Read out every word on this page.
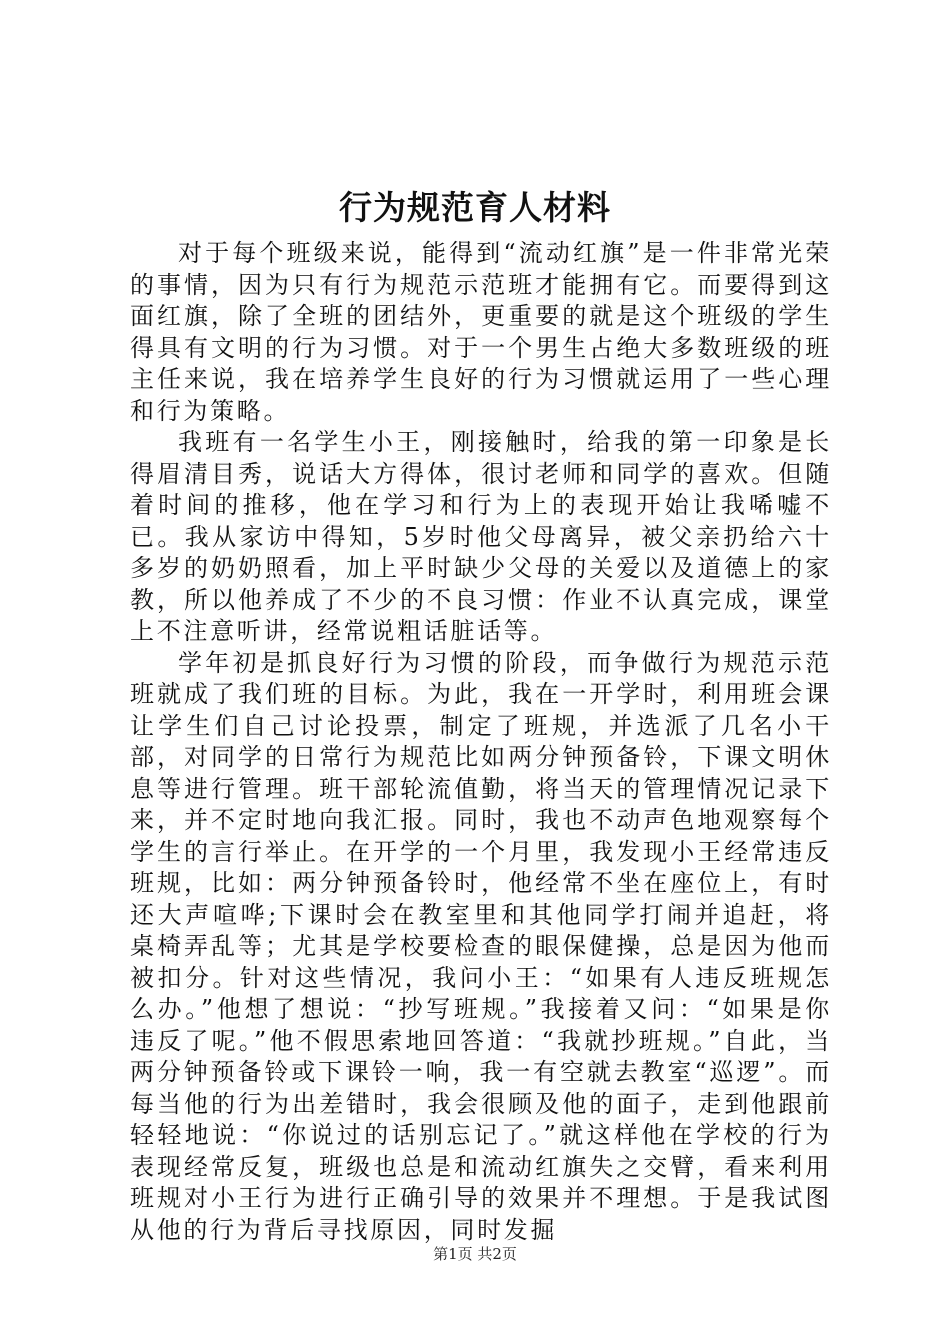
行为规范育人材料

对于每个班级来说，能得到“流动红旗”是一件非常光荣的事情，因为只有行为规范示范班才能拥有它。而要得到这面红旗，除了全班的团结外，更重要的就是这个班级的学生得具有文明的行为习惯。对于一个男生占绝大多数班级的班主任来说，我在培养学生良好的行为习惯就运用了一些心理和行为策略。

我班有一名学生小王，刚接触时，给我的第一印象是长得眉清目秀，说话大方得体，很讨老师和同学的喜欢。但随着时间的推移，他在学习和行为上的表现开始让我唏嘘不已。我从家访中得知，5岁时他父母离异，被父亲扔给六十多岁的奶奶照看，加上平时缺少父母的关爱以及道德上的家教，所以他养成了不少的不良习惯：作业不认真完成，课堂上不注意听讲，经常说粗话脏话等。

学年初是抓良好行为习惯的阶段，而争做行为规范示范班就成了我们班的目标。为此，我在一开学时，利用班会课让学生们自己讨论投票，制定了班规，并选派了几名小干部，对同学的日常行为规范比如两分钟预备铃，下课文明休息等进行管理。班干部轮流值勤，将当天的管理情况记录下来，并不定时地向我汇报。同时，我也不动声色地观察每个学生的言行举止。在开学的一个月里，我发现小王经常违反班规，比如：两分钟预备铃时，他经常不坐在座位上，有时还大声喧哗;下课时会在教室里和其他同学打闹并追赶，将桌椅弄乱等；尤其是学校要检查的眼保健操，总是因为他而被扣分。针对这些情况，我问小王：“如果有人违反班规怎么办。”他想了想说：“抄写班规。”我接着又问：“如果是你违反了呢。”他不假思索地回答道：“我就抄班规。”自此，当两分钟预备铃或下课铃一响，我一有空就去教室“巡逻”。而每当他的行为出差错时，我会很顾及他的面子，走到他跟前轻轻地说：“你说过的话别忘记了。”就这样他在学校的行为表现经常反复，班级也总是和流动红旗失之交臂，看来利用班规对小王行为进行正确引导的效果并不理想。于是我试图从他的行为背后寻找原因，同时发掘

第1页 共2页
